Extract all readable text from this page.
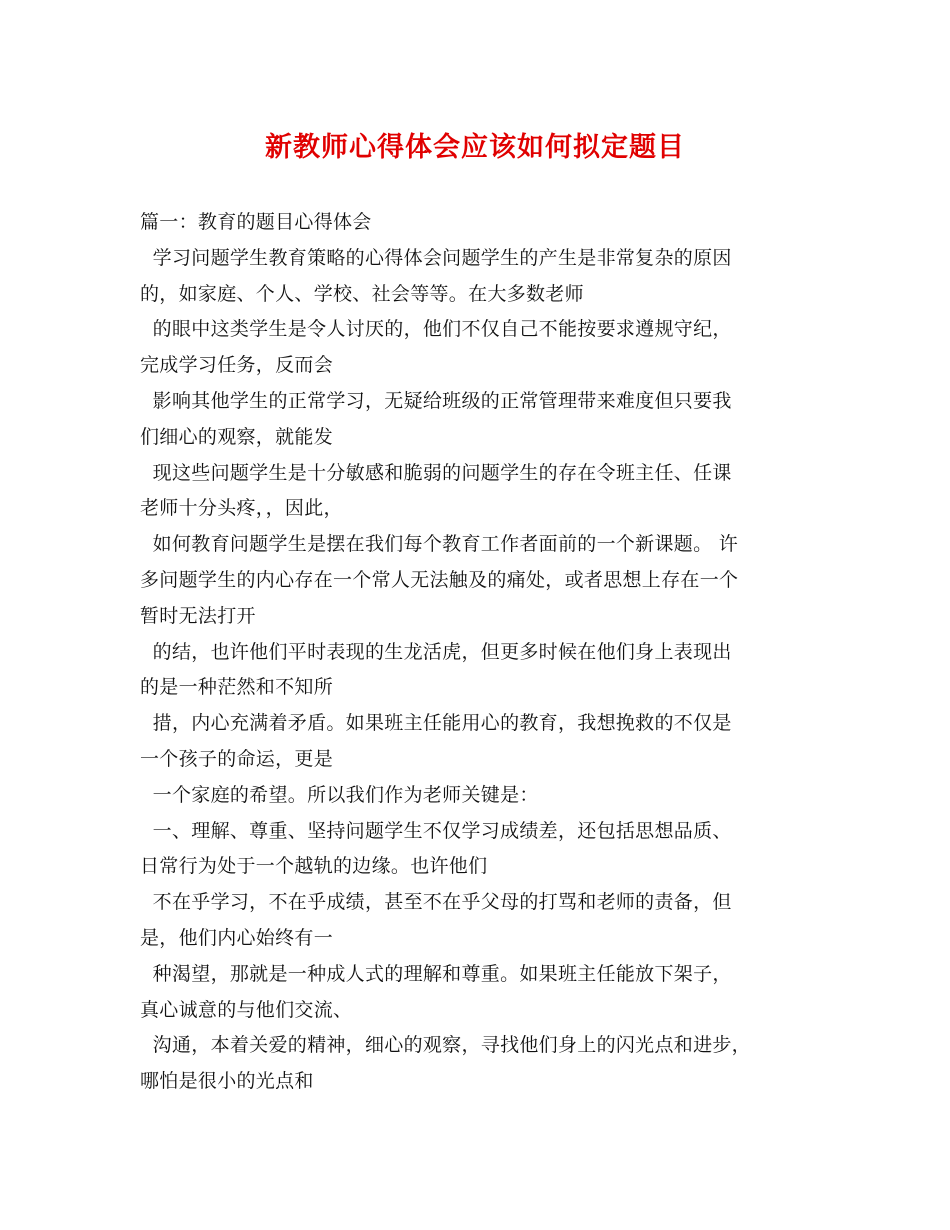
新教师心得体会应该如何拟定题目
篇一：教育的题目心得体会
学习问题学生教育策略的心得体会问题学生的产生是非常复杂的原因
的，如家庭、个人、学校、社会等等。在大多数老师
的眼中这类学生是令人讨厌的，他们不仅自己不能按要求遵规守纪，
完成学习任务，反而会
影响其他学生的正常学习，无疑给班级的正常管理带来难度但只要我
们细心的观察，就能发
现这些问题学生是十分敏感和脆弱的问题学生的存在令班主任、任课
老师十分头疼，，因此，
如何教育问题学生是摆在我们每个教育工作者面前的一个新课题。 许
多问题学生的内心存在一个常人无法触及的痛处，或者思想上存在一个
暂时无法打开
的结，也许他们平时表现的生龙活虎，但更多时候在他们身上表现出
的是一种茫然和不知所
措，内心充满着矛盾。如果班主任能用心的教育，我想挽救的不仅是
一个孩子的命运，更是
一个家庭的希望。所以我们作为老师关键是：
一、理解、尊重、坚持问题学生不仅学习成绩差，还包括思想品质、
日常行为处于一个越轨的边缘。也许他们
不在乎学习，不在乎成绩，甚至不在乎父母的打骂和老师的责备，但
是，他们内心始终有一
种渴望，那就是一种成人式的理解和尊重。如果班主任能放下架子，
真心诚意的与他们交流、
沟通，本着关爱的精神，细心的观察，寻找他们身上的闪光点和进步，
哪怕是很小的光点和
